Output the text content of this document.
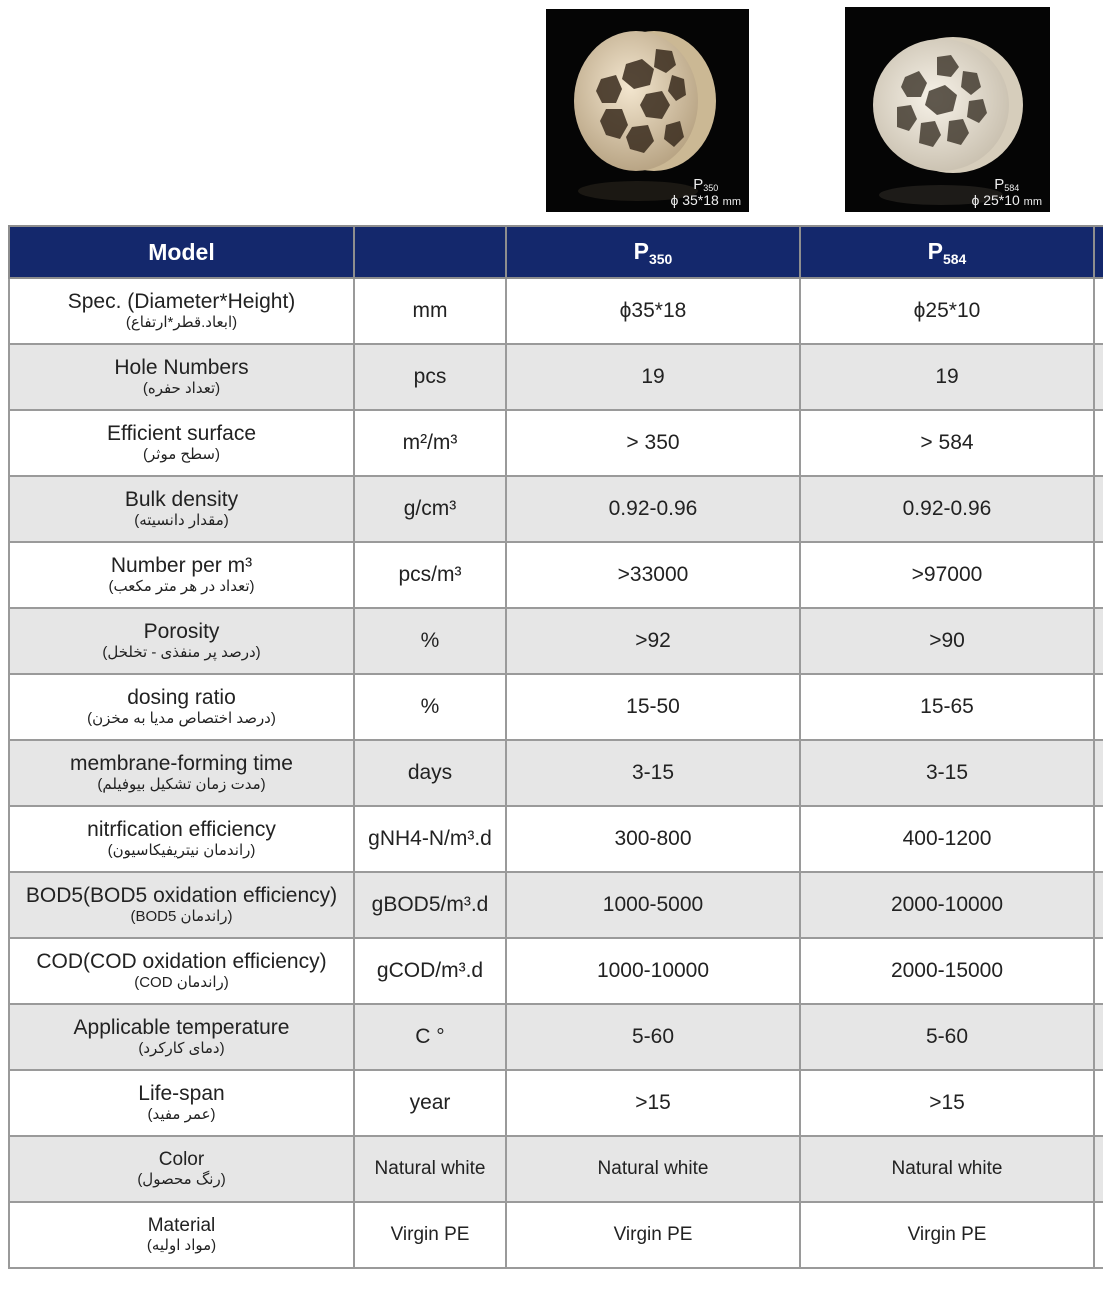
$P_{350}$
ϕ 35*18 mm
$P_{584}$
ϕ 25*10 mm
Model		$P_{350}$	$P_{584}$	

Spec. (Diameter*Height)
(ابعاد.قطر*ارتفاع)	mm	ϕ35*18	ϕ25*10	

Hole Numbers
(تعداد حفره)	pcs	19	19	

Efficient surface
(سطح موثر)	m²/m³	> 350	> 584	

Bulk density
(مقدار دانسیته)	g/cm³	0.92-0.96	0.92-0.96	

Number per m³
(تعداد در هر متر مکعب)	pcs/m³	>33000	>97000	

Porosity
(درصد پر منفذی - تخلخل)	%	>92	>90	

dosing ratio
(درصد اختصاص مدیا به مخزن)	%	15-50	15-65	

membrane-forming time
(مدت زمان تشکیل بیوفیلم)	days	3-15	3-15	

nitrfication efficiency
(راندمان نیتریفیکاسیون)	gNH4-N/m³.d	300-800	400-1200	

BOD5(BOD5 oxidation efficiency)
(راندمان BOD5)	gBOD5/m³.d	1000-5000	2000-10000	

COD(COD oxidation efficiency)
(راندمان COD)	gCOD/m³.d	1000-10000	2000-15000	

Applicable temperature
(دمای کارکرد)	C °	5-60	5-60	

Life-span
(عمر مفید)	year	>15	>15	

Color
(رنگ محصول)	Natural white	Natural white	Natural white	

Material
(مواد اولیه)	Virgin PE	Virgin PE	Virgin PE	
